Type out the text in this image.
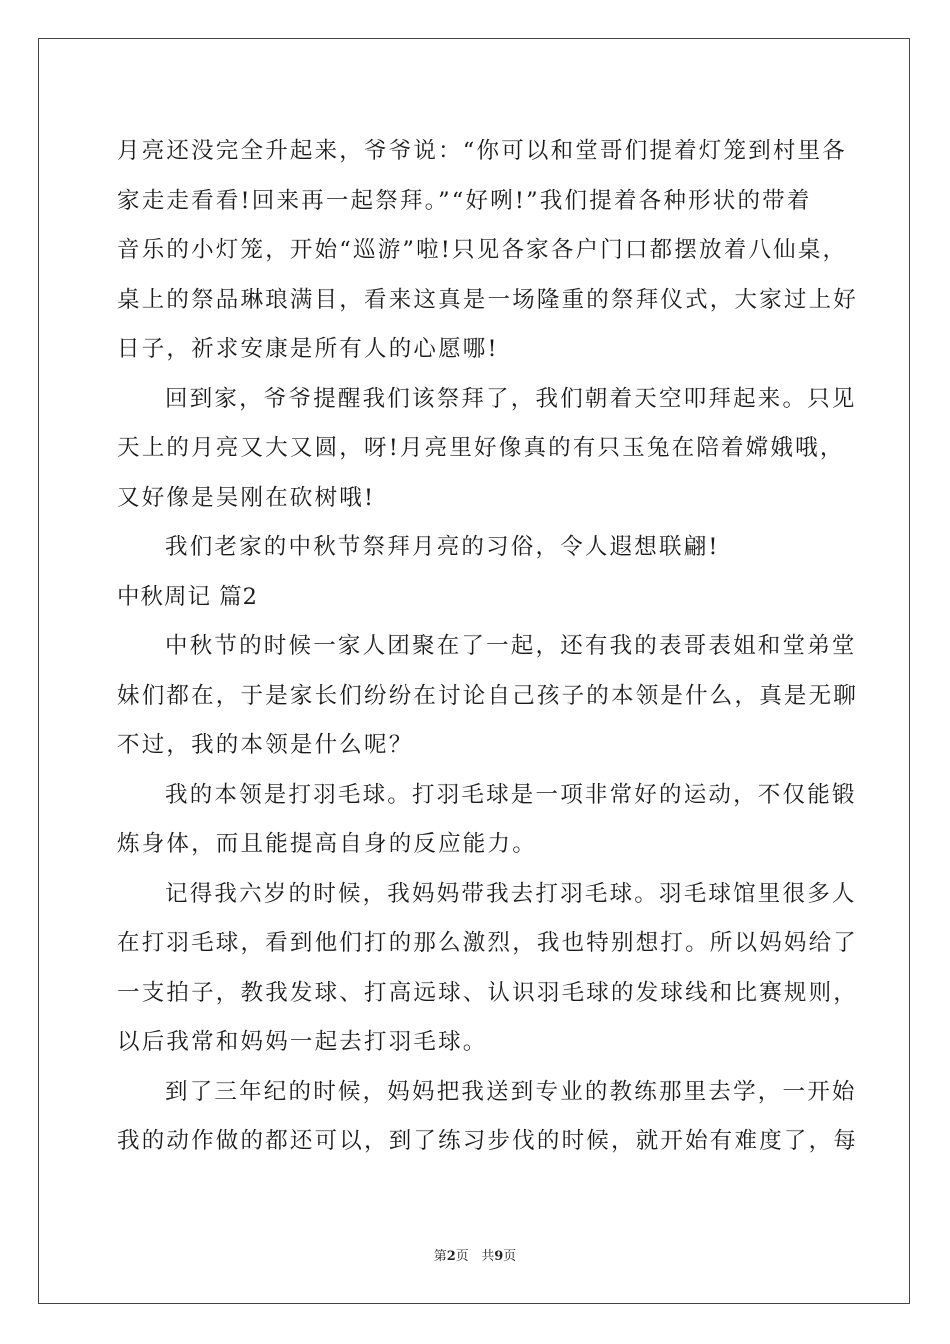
月亮还没完全升起来，爷爷说：“你可以和堂哥们提着灯笼到村里各
家走走看看!回来再一起祭拜。”“好咧!”我们提着各种形状的带着
音乐的小灯笼，开始“巡游”啦!只见各家各户门口都摆放着八仙桌，
桌上的祭品琳琅满目，看来这真是一场隆重的祭拜仪式，大家过上好
日子，祈求安康是所有人的心愿哪!
回到家，爷爷提醒我们该祭拜了，我们朝着天空叩拜起来。只见
天上的月亮又大又圆，呀!月亮里好像真的有只玉兔在陪着嫦娥哦，
又好像是吴刚在砍树哦!
我们老家的中秋节祭拜月亮的习俗，令人遐想联翩!
中秋周记 篇2
中秋节的时候一家人团聚在了一起，还有我的表哥表姐和堂弟堂
妹们都在，于是家长们纷纷在讨论自己孩子的本领是什么，真是无聊
不过，我的本领是什么呢？
我的本领是打羽毛球。打羽毛球是一项非常好的运动，不仅能锻
炼身体，而且能提高自身的反应能力。
记得我六岁的时候，我妈妈带我去打羽毛球。羽毛球馆里很多人
在打羽毛球，看到他们打的那么激烈，我也特别想打。所以妈妈给了
一支拍子，教我发球、打高远球、认识羽毛球的发球线和比赛规则，
以后我常和妈妈一起去打羽毛球。
到了三年纪的时候，妈妈把我送到专业的教练那里去学，一开始
我的动作做的都还可以，到了练习步伐的时候，就开始有难度了，每
第2页   共9页
